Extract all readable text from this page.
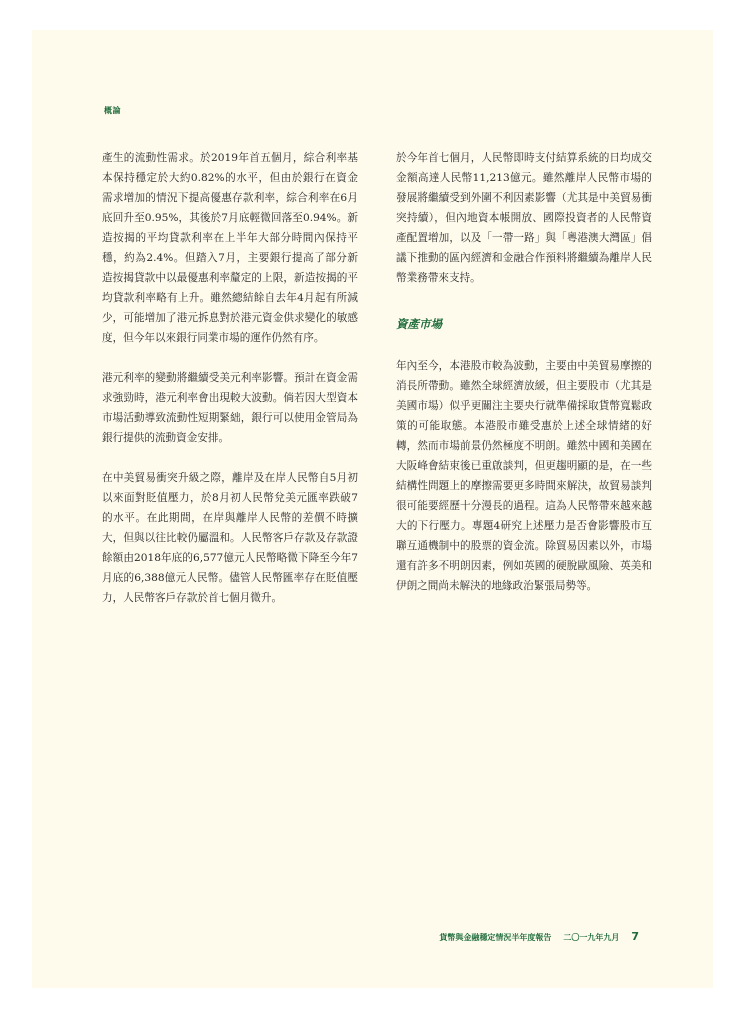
概論

產生的流動性需求。於2019年首五個月，綜合利率基本保持穩定於大約0.82%的水平，但由於銀行在資金需求增加的情況下提高優惠存款利率，綜合利率在6月底回升至0.95%，其後於7月底輕微回落至0.94%。新造按揭的平均貸款利率在上半年大部分時間內保持平穩，約為2.4%。但踏入7月，主要銀行提高了部分新造按揭貸款中以最優惠利率釐定的上限，新造按揭的平均貸款利率略有上升。雖然總結餘自去年4月起有所減少，可能增加了港元拆息對於港元資金供求變化的敏感度，但今年以來銀行同業市場的運作仍然有序。

港元利率的變動將繼續受美元利率影響。預計在資金需求強勁時，港元利率會出現較大波動。倘若因大型資本市場活動導致流動性短期緊絀，銀行可以使用金管局為銀行提供的流動資金安排。

在中美貿易衝突升級之際，離岸及在岸人民幣自5月初以來面對貶值壓力，於8月初人民幣兌美元匯率跌破7的水平。在此期間，在岸與離岸人民幣的差價不時擴大，但與以往比較仍屬溫和。人民幣客戶存款及存款證餘額由2018年底的6,577億元人民幣略微下降至今年7月底的6,388億元人民幣。儘管人民幣匯率存在貶值壓力，人民幣客戶存款於首七個月微升。

於今年首七個月，人民幣即時支付結算系統的日均成交金額高達人民幣11,213億元。雖然離岸人民幣市場的發展將繼續受到外圍不利因素影響（尤其是中美貿易衝突持續），但內地資本帳開放、國際投資者的人民幣資產配置增加，以及「一帶一路」與「粵港澳大灣區」倡議下推動的區內經濟和金融合作預料將繼續為離岸人民幣業務帶來支持。

資產市場

年內至今，本港股市較為波動，主要由中美貿易摩擦的消長所帶動。雖然全球經濟放緩，但主要股市（尤其是美國市場）似乎更關注主要央行就準備採取貨幣寬鬆政策的可能取態。本港股市雖受惠於上述全球情緒的好轉，然而市場前景仍然極度不明朗。雖然中國和美國在大阪峰會結束後已重啟談判，但更趨明顯的是，在一些結構性問題上的摩擦需要更多時間來解決，故貿易談判很可能要經歷十分漫長的過程。這為人民幣帶來越來越大的下行壓力。專題4研究上述壓力是否會影響股市互聯互通機制中的股票的資金流。除貿易因素以外，市場還有許多不明朗因素，例如英國的硬脫歐風險、英美和伊朗之間尚未解決的地緣政治緊張局勢等。

貨幣與金融穩定情況半年度報告 二〇一九年九月 7
